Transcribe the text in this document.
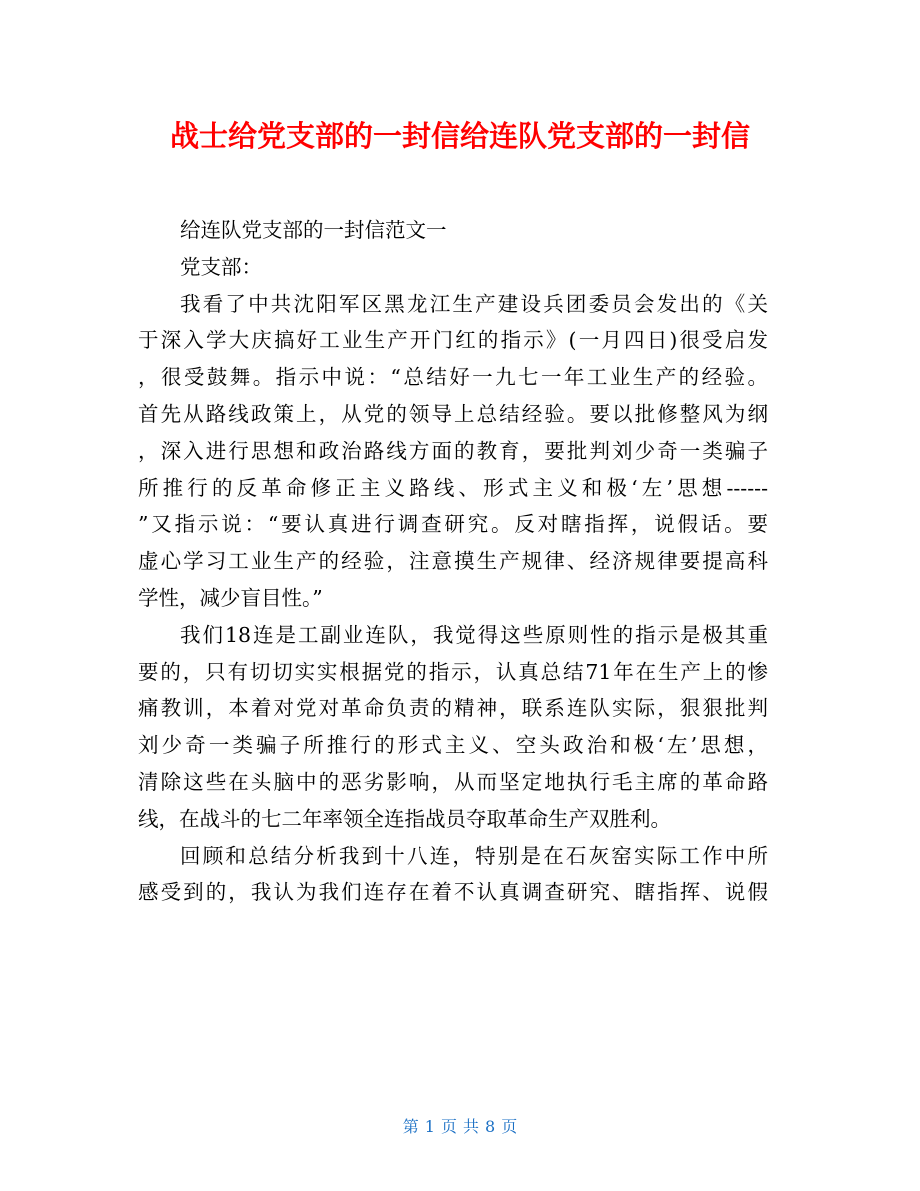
战士给党支部的一封信给连队党支部的一封信
给连队党支部的一封信范文一
党支部：
我看了中共沈阳军区黑龙江生产建设兵团委员会发出的《关
于深入学大庆搞好工业生产开门红的指示》(一月四日)很受启发
，很受鼓舞。指示中说：“总结好一九七一年工业生产的经验。
首先从路线政策上，从党的领导上总结经验。要以批修整风为纲
，深入进行思想和政治路线方面的教育，要批判刘少奇一类骗子
所推行的反革命修正主义路线、形式主义和极‘左’思想------
”又指示说：“要认真进行调查研究。反对瞎指挥，说假话。要
虚心学习工业生产的经验，注意摸生产规律、经济规律要提高科
学性，减少盲目性。”
我们18连是工副业连队，我觉得这些原则性的指示是极其重
要的，只有切切实实根据党的指示，认真总结71年在生产上的惨
痛教训，本着对党对革命负责的精神，联系连队实际，狠狠批判
刘少奇一类骗子所推行的形式主义、空头政治和极‘左’思想，
清除这些在头脑中的恶劣影响，从而坚定地执行毛主席的革命路
线，在战斗的七二年率领全连指战员夺取革命生产双胜利。
回顾和总结分析我到十八连，特别是在石灰窑实际工作中所
感受到的，我认为我们连存在着不认真调查研究、瞎指挥、说假
第 1 页 共 8 页
